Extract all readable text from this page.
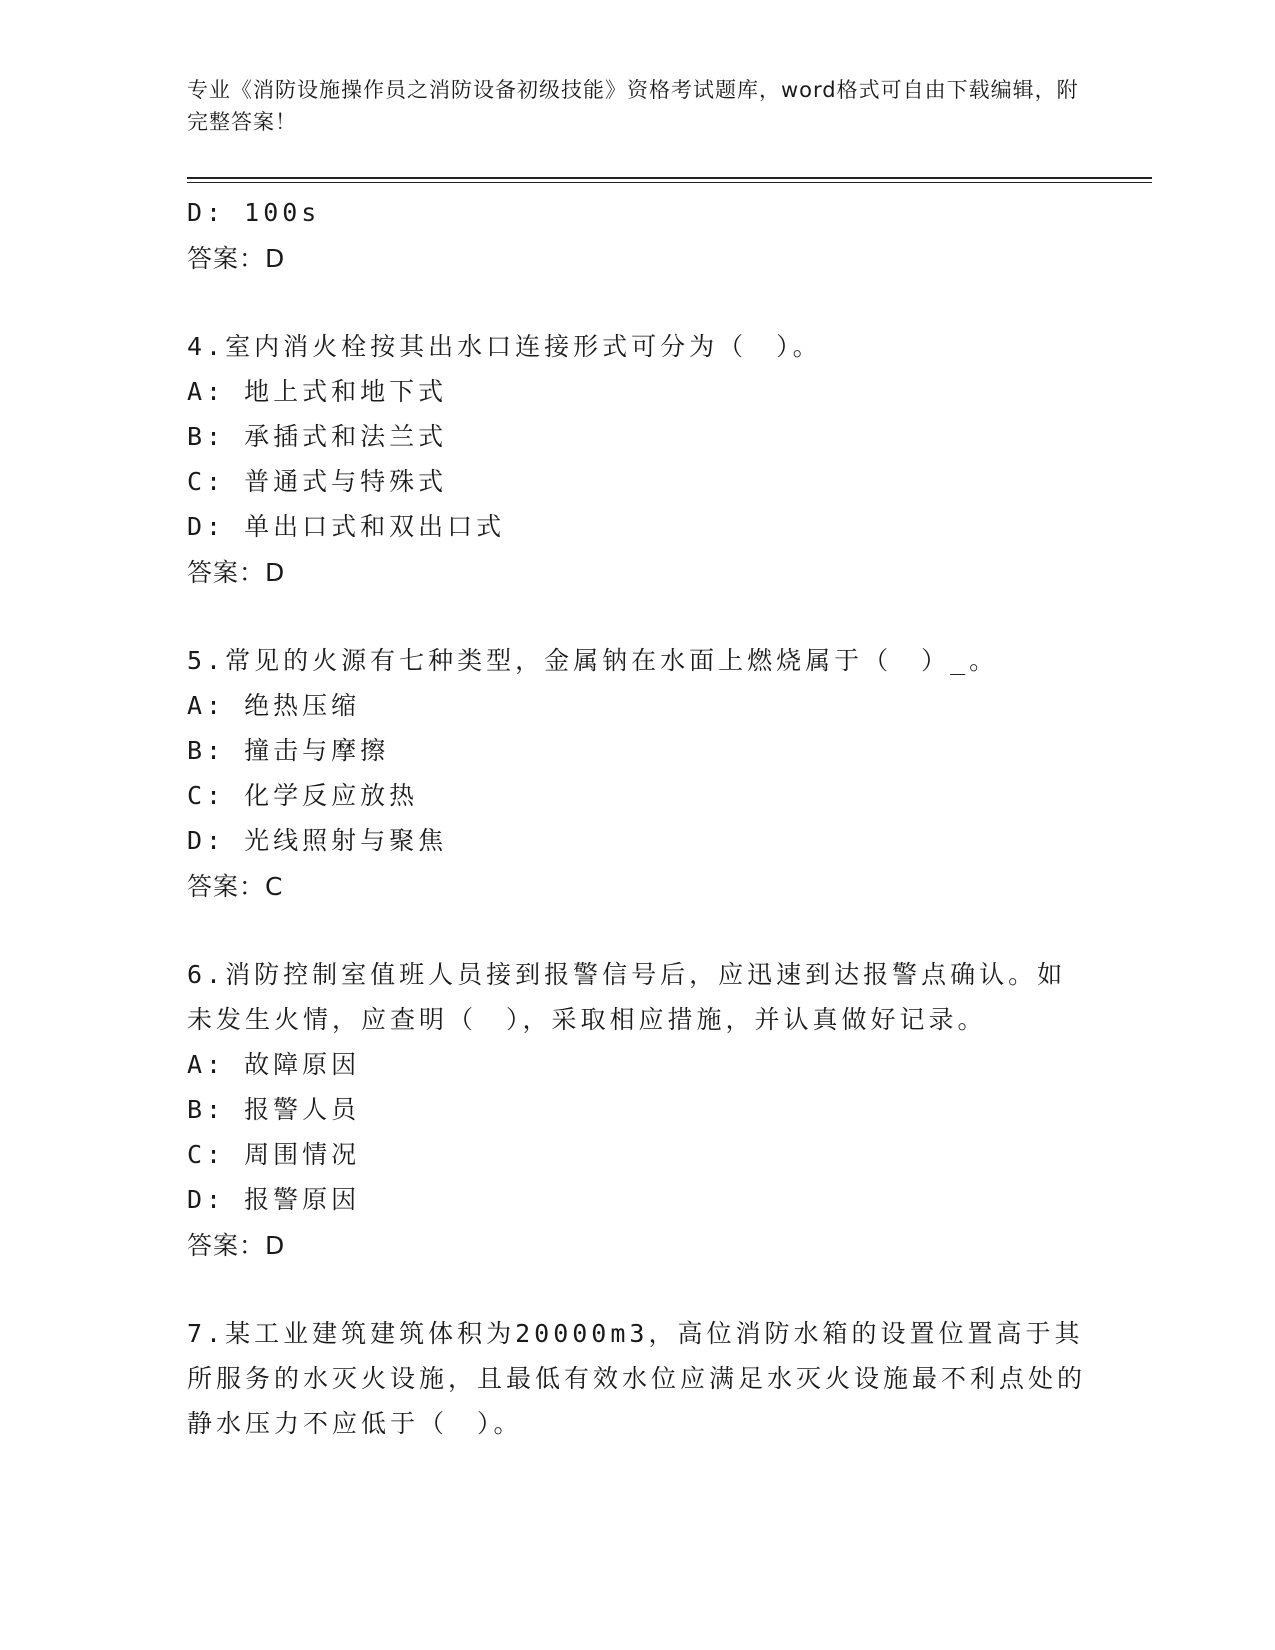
专业《消防设施操作员之消防设备初级技能》资格考试题库，word格式可自由下载编辑，附完整答案！
D: 100s
答案：D
4.室内消火栓按其出水口连接形式可分为（　）。
A: 地上式和地下式
B: 承插式和法兰式
C: 普通式与特殊式
D: 单出口式和双出口式
答案：D
5.常见的火源有七种类型，金属钠在水面上燃烧属于（　）_。
A: 绝热压缩
B: 撞击与摩擦
C: 化学反应放热
D: 光线照射与聚焦
答案：C
6.消防控制室值班人员接到报警信号后，应迅速到达报警点确认。如未发生火情，应查明（　），采取相应措施，并认真做好记录。
A: 故障原因
B: 报警人员
C: 周围情况
D: 报警原因
答案：D
7.某工业建筑建筑体积为20000m3，高位消防水箱的设置位置高于其所服务的水灭火设施，且最低有效水位应满足水灭火设施最不利点处的静水压力不应低于（　）。
